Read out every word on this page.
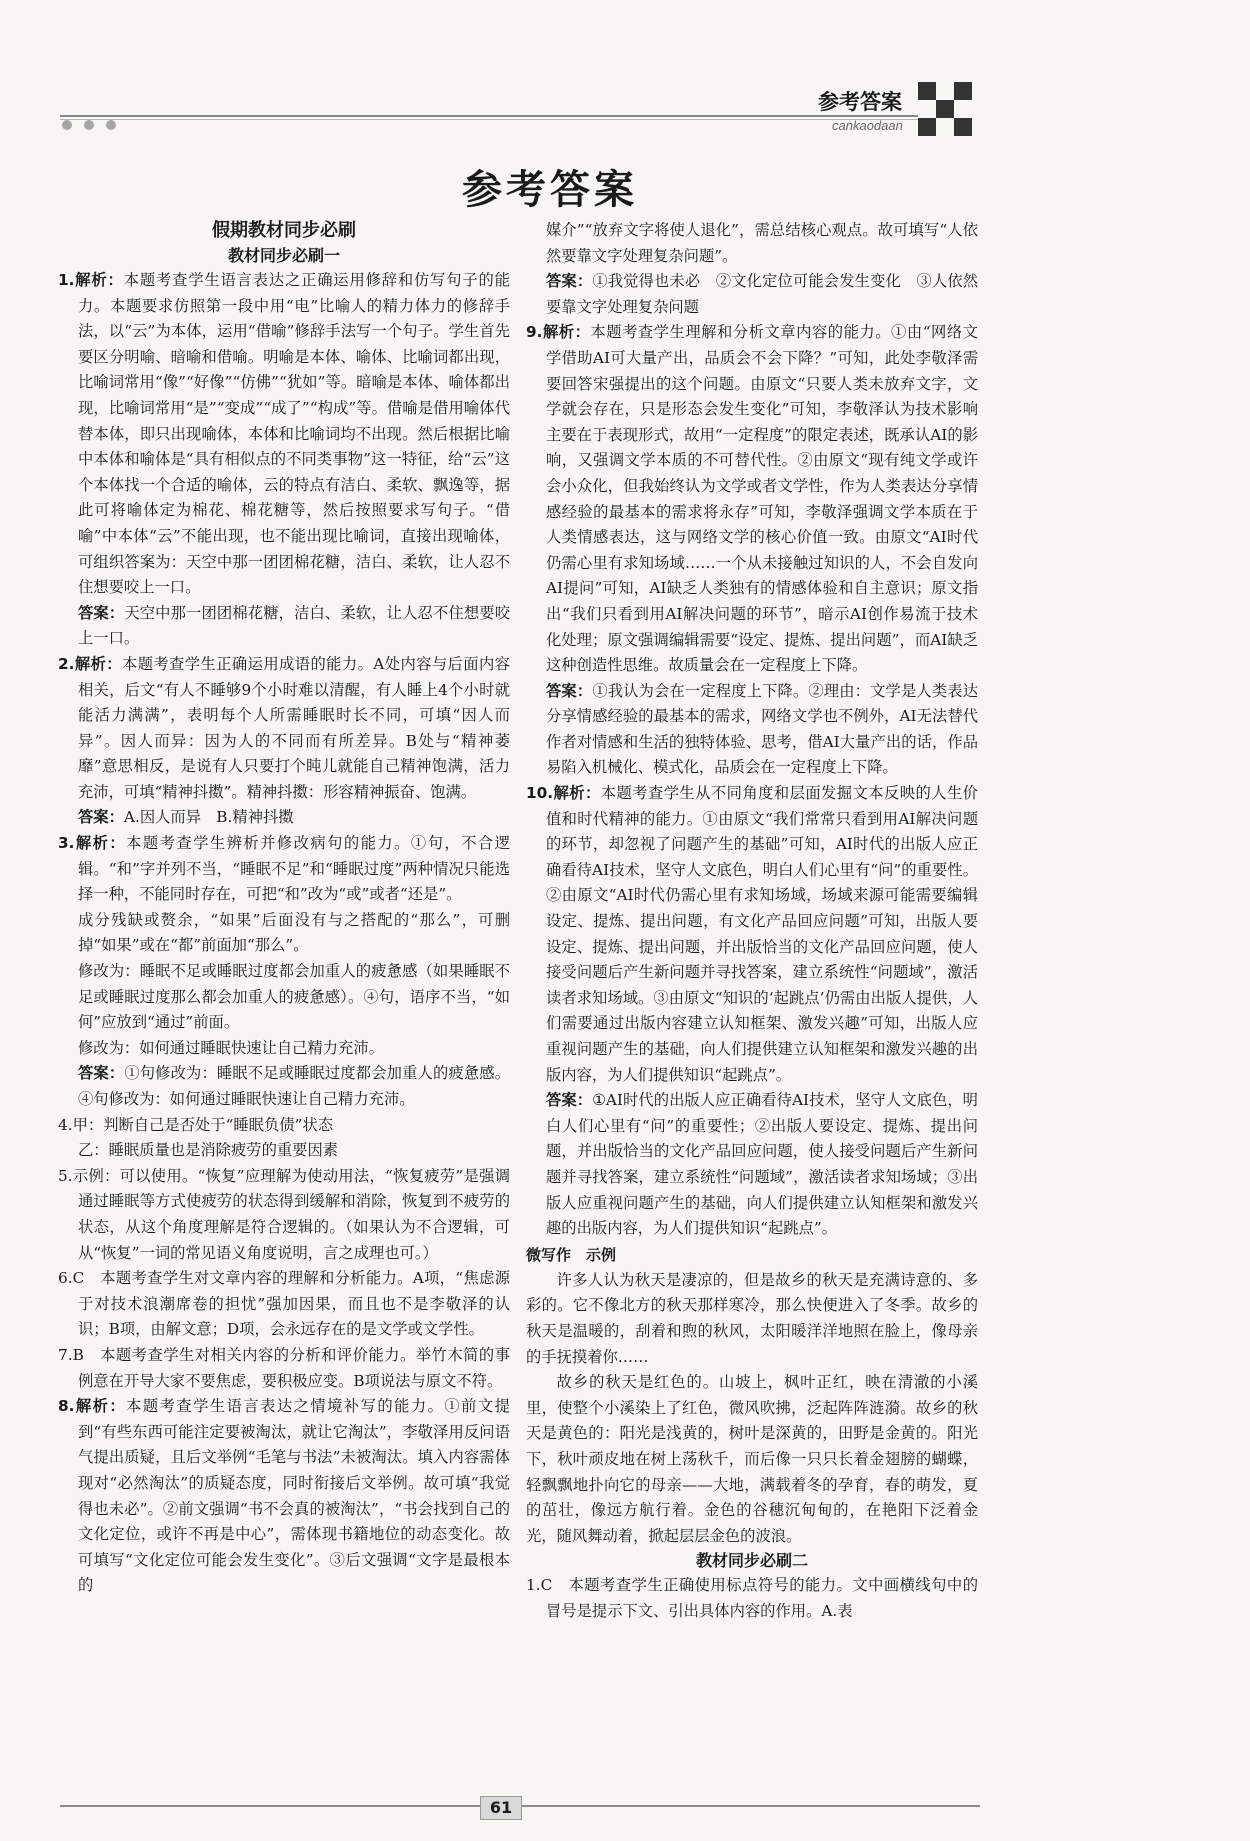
参考答案
cankaodaan
参考答案
假期教材同步必刷
教材同步必刷一

1.解析：本题考查学生语言表达之正确运用修辞和仿写句子的能力。本题要求仿照第一段中用“电”比喻人的精力体力的修辞手法，以“云”为本体，运用“借喻”修辞手法写一个句子。学生首先要区分明喻、暗喻和借喻。明喻是本体、喻体、比喻词都出现，比喻词常用“像”“好像”“仿佛”“犹如”等。暗喻是本体、喻体都出现，比喻词常用“是”“变成”“成了”“构成”等。借喻是借用喻体代替本体，即只出现喻体，本体和比喻词均不出现。然后根据比喻中本体和喻体是“具有相似点的不同类事物”这一特征，给“云”这个本体找一个合适的喻体，云的特点有洁白、柔软、飘逸等，据此可将喻体定为棉花、棉花糖等，然后按照要求写句子。“借喻”中本体“云”不能出现，也不能出现比喻词，直接出现喻体，可组织答案为：天空中那一团团棉花糖，洁白、柔软，让人忍不住想要咬上一口。

答案：天空中那一团团棉花糖，洁白、柔软，让人忍不住想要咬上一口。

2.解析：本题考查学生正确运用成语的能力。A处内容与后面内容相关，后文“有人不睡够9个小时难以清醒，有人睡上4个小时就能活力满满”，表明每个人所需睡眠时长不同，可填“因人而异”。因人而异：因为人的不同而有所差异。B处与“精神萎靡”意思相反，是说有人只要打个盹儿就能自己精神饱满，活力充沛，可填“精神抖擞”。精神抖擞：形容精神振奋、饱满。

答案：A.因人而异　B.精神抖擞

3.解析：本题考查学生辨析并修改病句的能力。①句，不合逻辑。“和”字并列不当，“睡眠不足”和“睡眠过度”两种情况只能选择一种，不能同时存在，可把“和”改为“或”或者“还是”。

成分残缺或赘余，“如果”后面没有与之搭配的“那么”，可删掉“如果”或在“都”前面加“那么”。

修改为：睡眠不足或睡眠过度都会加重人的疲惫感（如果睡眠不足或睡眠过度那么都会加重人的疲惫感）。④句，语序不当，“如何”应放到“通过”前面。

修改为：如何通过睡眠快速让自己精力充沛。

答案：①句修改为：睡眠不足或睡眠过度都会加重人的疲惫感。④句修改为：如何通过睡眠快速让自己精力充沛。

4.甲：判断自己是否处于“睡眠负债”状态

乙：睡眠质量也是消除疲劳的重要因素

5.示例：可以使用。“恢复”应理解为使动用法，“恢复疲劳”是强调通过睡眠等方式使疲劳的状态得到缓解和消除，恢复到不疲劳的状态，从这个角度理解是符合逻辑的。（如果认为不合逻辑，可从“恢复”一词的常见语义角度说明，言之成理也可。）

6.C　本题考查学生对文章内容的理解和分析能力。A项，“焦虑源于对技术浪潮席卷的担忧”强加因果，而且也不是李敬泽的认识；B项，由解文意；D项，会永远存在的是文学或文学性。

7.B　本题考查学生对相关内容的分析和评价能力。举竹木简的事例意在开导大家不要焦虑，要积极应变。B项说法与原文不符。

8.解析：本题考查学生语言表达之情境补写的能力。①前文提到“有些东西可能注定要被淘汰，就让它淘汰”，李敬泽用反问语气提出质疑，且后文举例“毛笔与书法”未被淘汰。填入内容需体现对“必然淘汰”的质疑态度，同时衔接后文举例。故可填“我觉得也未必”。②前文强调“书不会真的被淘汰”，“书会找到自己的文化定位，或许不再是中心”，需体现书籍地位的动态变化。故可填写“文化定位可能会发生变化”。③后文强调“文字是最根本的

媒介”“放弃文字将使人退化”，需总结核心观点。故可填写“人依然要靠文字处理复杂问题”。

答案：①我觉得也未必　②文化定位可能会发生变化　③人依然要靠文字处理复杂问题

9.解析：本题考查学生理解和分析文章内容的能力。①由“网络文学借助AI可大量产出，品质会不会下降？”可知，此处李敬泽需要回答宋强提出的这个问题。由原文“只要人类未放弃文字，文学就会存在，只是形态会发生变化”可知，李敬泽认为技术影响主要在于表现形式，故用“一定程度”的限定表述，既承认AI的影响，又强调文学本质的不可替代性。②由原文“现有纯文学或许会小众化，但我始终认为文学或者文学性，作为人类表达分享情感经验的最基本的需求将永存”可知，李敬泽强调文学本质在于人类情感表达，这与网络文学的核心价值一致。由原文“AI时代仍需心里有求知场域……一个从未接触过知识的人，不会自发向AI提问”可知，AI缺乏人类独有的情感体验和自主意识；原文指出“我们只看到用AI解决问题的环节”，暗示AI创作易流于技术化处理；原文强调编辑需要“设定、提炼、提出问题”，而AI缺乏这种创造性思维。故质量会在一定程度上下降。

答案：①我认为会在一定程度上下降。②理由：文学是人类表达分享情感经验的最基本的需求，网络文学也不例外，AI无法替代作者对情感和生活的独特体验、思考，借AI大量产出的话，作品易陷入机械化、模式化，品质会在一定程度上下降。

10.解析：本题考查学生从不同角度和层面发掘文本反映的人生价值和时代精神的能力。①由原文“我们常常只看到用AI解决问题的环节，却忽视了问题产生的基础”可知，AI时代的出版人应正确看待AI技术，坚守人文底色，明白人们心里有“问”的重要性。②由原文“AI时代仍需心里有求知场域，场域来源可能需要编辑设定、提炼、提出问题，有文化产品回应问题”可知，出版人要设定、提炼、提出问题，并出版恰当的文化产品回应问题，使人接受问题后产生新问题并寻找答案，建立系统性“问题域”，激活读者求知场域。③由原文“知识的‘起跳点’仍需由出版人提供，人们需要通过出版内容建立认知框架、激发兴趣”可知，出版人应重视问题产生的基础，向人们提供建立认知框架和激发兴趣的出版内容，为人们提供知识“起跳点”。

答案：①AI时代的出版人应正确看待AI技术，坚守人文底色，明白人们心里有“问”的重要性；②出版人要设定、提炼、提出问题，并出版恰当的文化产品回应问题，使人接受问题后产生新问题并寻找答案，建立系统性“问题域”，激活读者求知场域；③出版人应重视问题产生的基础，向人们提供建立认知框架和激发兴趣的出版内容，为人们提供知识“起跳点”。

微写作　示例

许多人认为秋天是凄凉的，但是故乡的秋天是充满诗意的、多彩的。它不像北方的秋天那样寒冷，那么快便进入了冬季。故乡的秋天是温暖的，刮着和煦的秋风，太阳暖洋洋地照在脸上，像母亲的手抚摸着你……

故乡的秋天是红色的。山坡上，枫叶正红，映在清澈的小溪里，使整个小溪染上了红色，微风吹拂，泛起阵阵涟漪。故乡的秋天是黄色的：阳光是浅黄的，树叶是深黄的，田野是金黄的。阳光下，秋叶顽皮地在树上荡秋千，而后像一只只长着金翅膀的蝴蝶，轻飘飘地扑向它的母亲——大地，满载着冬的孕育，春的萌发，夏的茁壮，像远方航行着。金色的谷穗沉甸甸的，在艳阳下泛着金光，随风舞动着，掀起层层金色的波浪。

教材同步必刷二

1.C　本题考查学生正确使用标点符号的能力。文中画横线句中的冒号是提示下文、引出具体内容的作用。A.表

61
